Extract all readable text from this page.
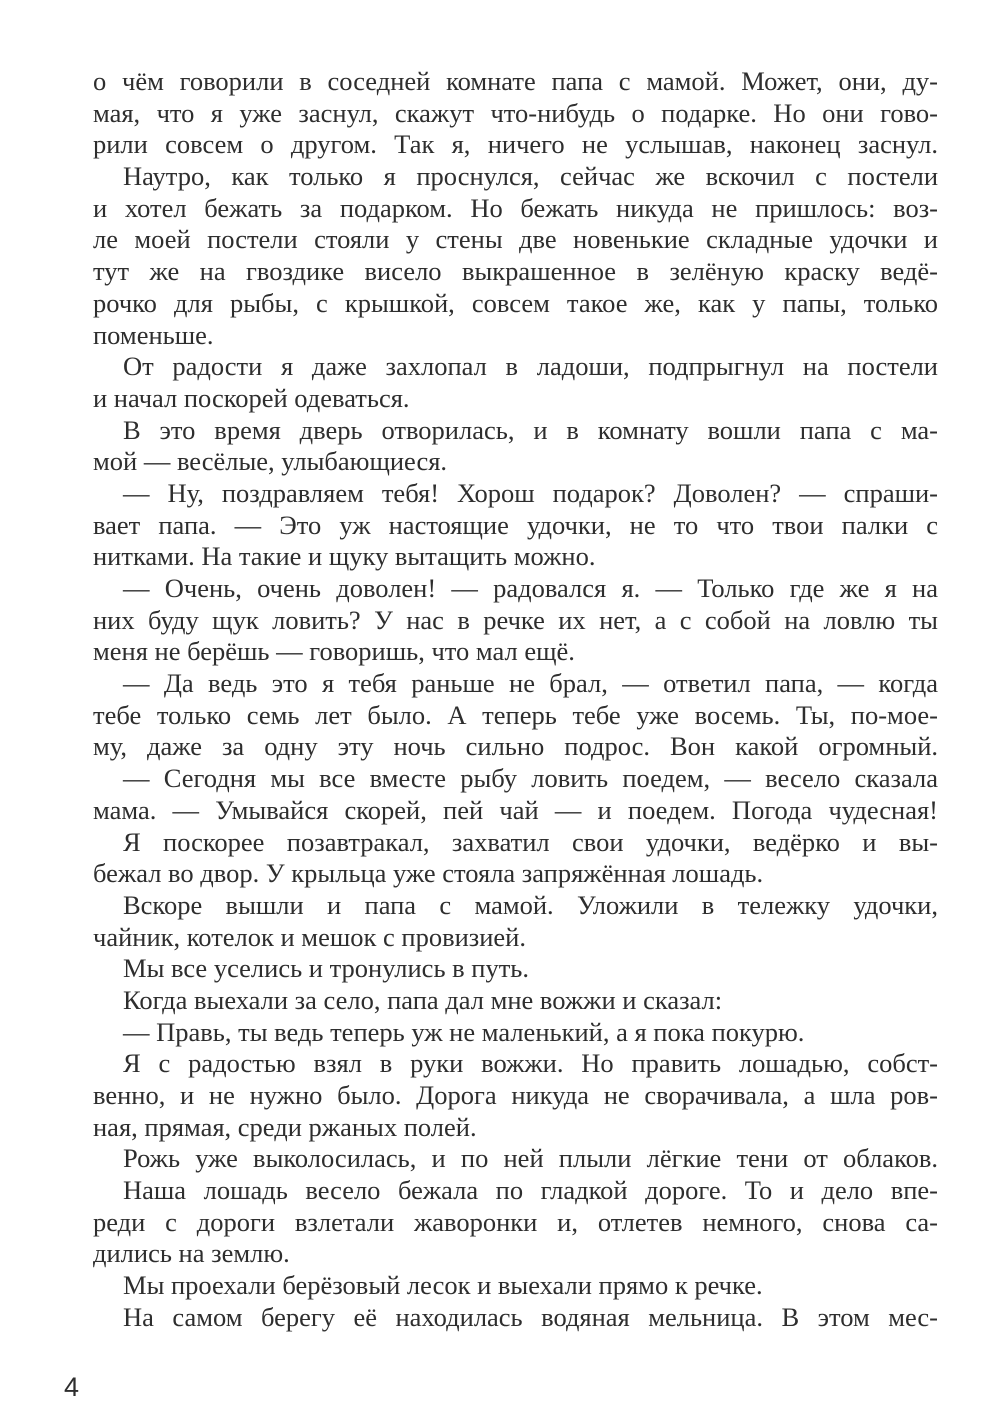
о чём говорили в соседней комнате папа с мамой. Может, они, ду-
мая, что я уже заснул, скажут что-нибудь о подарке. Но они гово-
рили совсем о другом. Так я, ничего не услышав, наконец заснул.
Наутро, как только я проснулся, сейчас же вскочил с постели
и хотел бежать за подарком. Но бежать никуда не пришлось: воз-
ле моей постели стояли у стены две новенькие складные удочки и
тут же на гвоздике висело выкрашенное в зелёную краску ведё-
рочко для рыбы, с крышкой, совсем такое же, как у папы, только
поменьше.
От радости я даже захлопал в ладоши, подпрыгнул на постели
и начал поскорей одеваться.
В это время дверь отворилась, и в комнату вошли папа с ма-
мой — весёлые, улыбающиеся.
— Ну, поздравляем тебя! Хорош подарок? Доволен? — спраши-
вает папа. — Это уж настоящие удочки, не то что твои палки с
нитками. На такие и щуку вытащить можно.
— Очень, очень доволен! — радовался я. — Только где же я на
них буду щук ловить? У нас в речке их нет, а с собой на ловлю ты
меня не берёшь — говоришь, что мал ещё.
— Да ведь это я тебя раньше не брал, — ответил папа, — когда
тебе только семь лет было. А теперь тебе уже восемь. Ты, по-мое-
му, даже за одну эту ночь сильно подрос. Вон какой огромный.
— Сегодня мы все вместе рыбу ловить поедем, — весело сказала
мама. — Умывайся скорей, пей чай — и поедем. Погода чудесная!
Я поскорее позавтракал, захватил свои удочки, ведёрко и вы-
бежал во двор. У крыльца уже стояла запряжённая лошадь.
Вскоре вышли и папа с мамой. Уложили в тележку удочки,
чайник, котелок и мешок с провизией.
Мы все уселись и тронулись в путь.
Когда выехали за село, папа дал мне вожжи и сказал:
— Правь, ты ведь теперь уж не маленький, а я пока покурю.
Я с радостью взял в руки вожжи. Но править лошадью, собст-
венно, и не нужно было. Дорога никуда не сворачивала, а шла ров-
ная, прямая, среди ржаных полей.
Рожь уже выколосилась, и по ней плыли лёгкие тени от облаков.
Наша лошадь весело бежала по гладкой дороге. То и дело впе-
реди с дороги взлетали жаворонки и, отлетев немного, снова са-
дились на землю.
Мы проехали берёзовый лесок и выехали прямо к речке.
На самом берегу её находилась водяная мельница. В этом мес-
4
